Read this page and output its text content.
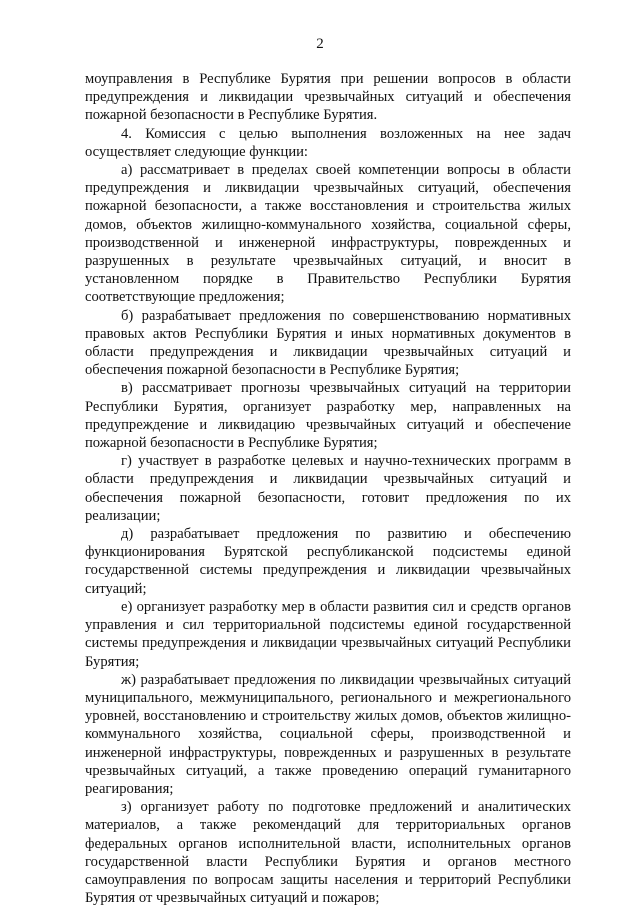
2

моуправления в Республике Бурятия при решении вопросов в области предупреждения и ликвидации чрезвычайных ситуаций и обеспечения пожарной безопасности в Республике Бурятия.

4. Комиссия с целью выполнения возложенных на нее задач осуществляет следующие функции:

а) рассматривает в пределах своей компетенции вопросы в области предупреждения и ликвидации чрезвычайных ситуаций, обеспечения пожарной безопасности, а также восстановления и строительства жилых домов, объектов жилищно-коммунального хозяйства, социальной сферы, производственной и инженерной инфраструктуры, поврежденных и разрушенных в результате чрезвычайных ситуаций, и вносит в установленном порядке в Правительство Республики Бурятия соответствующие предложения;

б) разрабатывает предложения по совершенствованию нормативных правовых актов Республики Бурятия и иных нормативных документов в области предупреждения и ликвидации чрезвычайных ситуаций и обеспечения пожарной безопасности в Республике Бурятия;

в) рассматривает прогнозы чрезвычайных ситуаций на территории Республики Бурятия, организует разработку мер, направленных на предупреждение и ликвидацию чрезвычайных ситуаций и обеспечение пожарной безопасности в Республике Бурятия;

г) участвует в разработке целевых и научно-технических программ в области предупреждения и ликвидации чрезвычайных ситуаций и обеспечения пожарной безопасности, готовит предложения по их реализации;

д) разрабатывает предложения по развитию и обеспечению функционирования Бурятской республиканской подсистемы единой государственной системы предупреждения и ликвидации чрезвычайных ситуаций;

е) организует разработку мер в области развития сил и средств органов управления и сил территориальной подсистемы единой государственной системы предупреждения и ликвидации чрезвычайных ситуаций Республики Бурятия;

ж) разрабатывает предложения по ликвидации чрезвычайных ситуаций муниципального, межмуниципального, регионального и межрегионального уровней, восстановлению и строительству жилых домов, объектов жилищно-коммунального хозяйства, социальной сферы, производственной и инженерной инфраструктуры, поврежденных и разрушенных в результате чрезвычайных ситуаций, а также проведению операций гуманитарного реагирования;

з) организует работу по подготовке предложений и аналитических материалов, а также рекомендаций для территориальных органов федеральных органов исполнительной власти, исполнительных органов государственной власти Республики Бурятия и органов местного самоуправления по вопросам защиты населения и территорий Республики Бурятия от чрезвычайных ситуаций и пожаров;
